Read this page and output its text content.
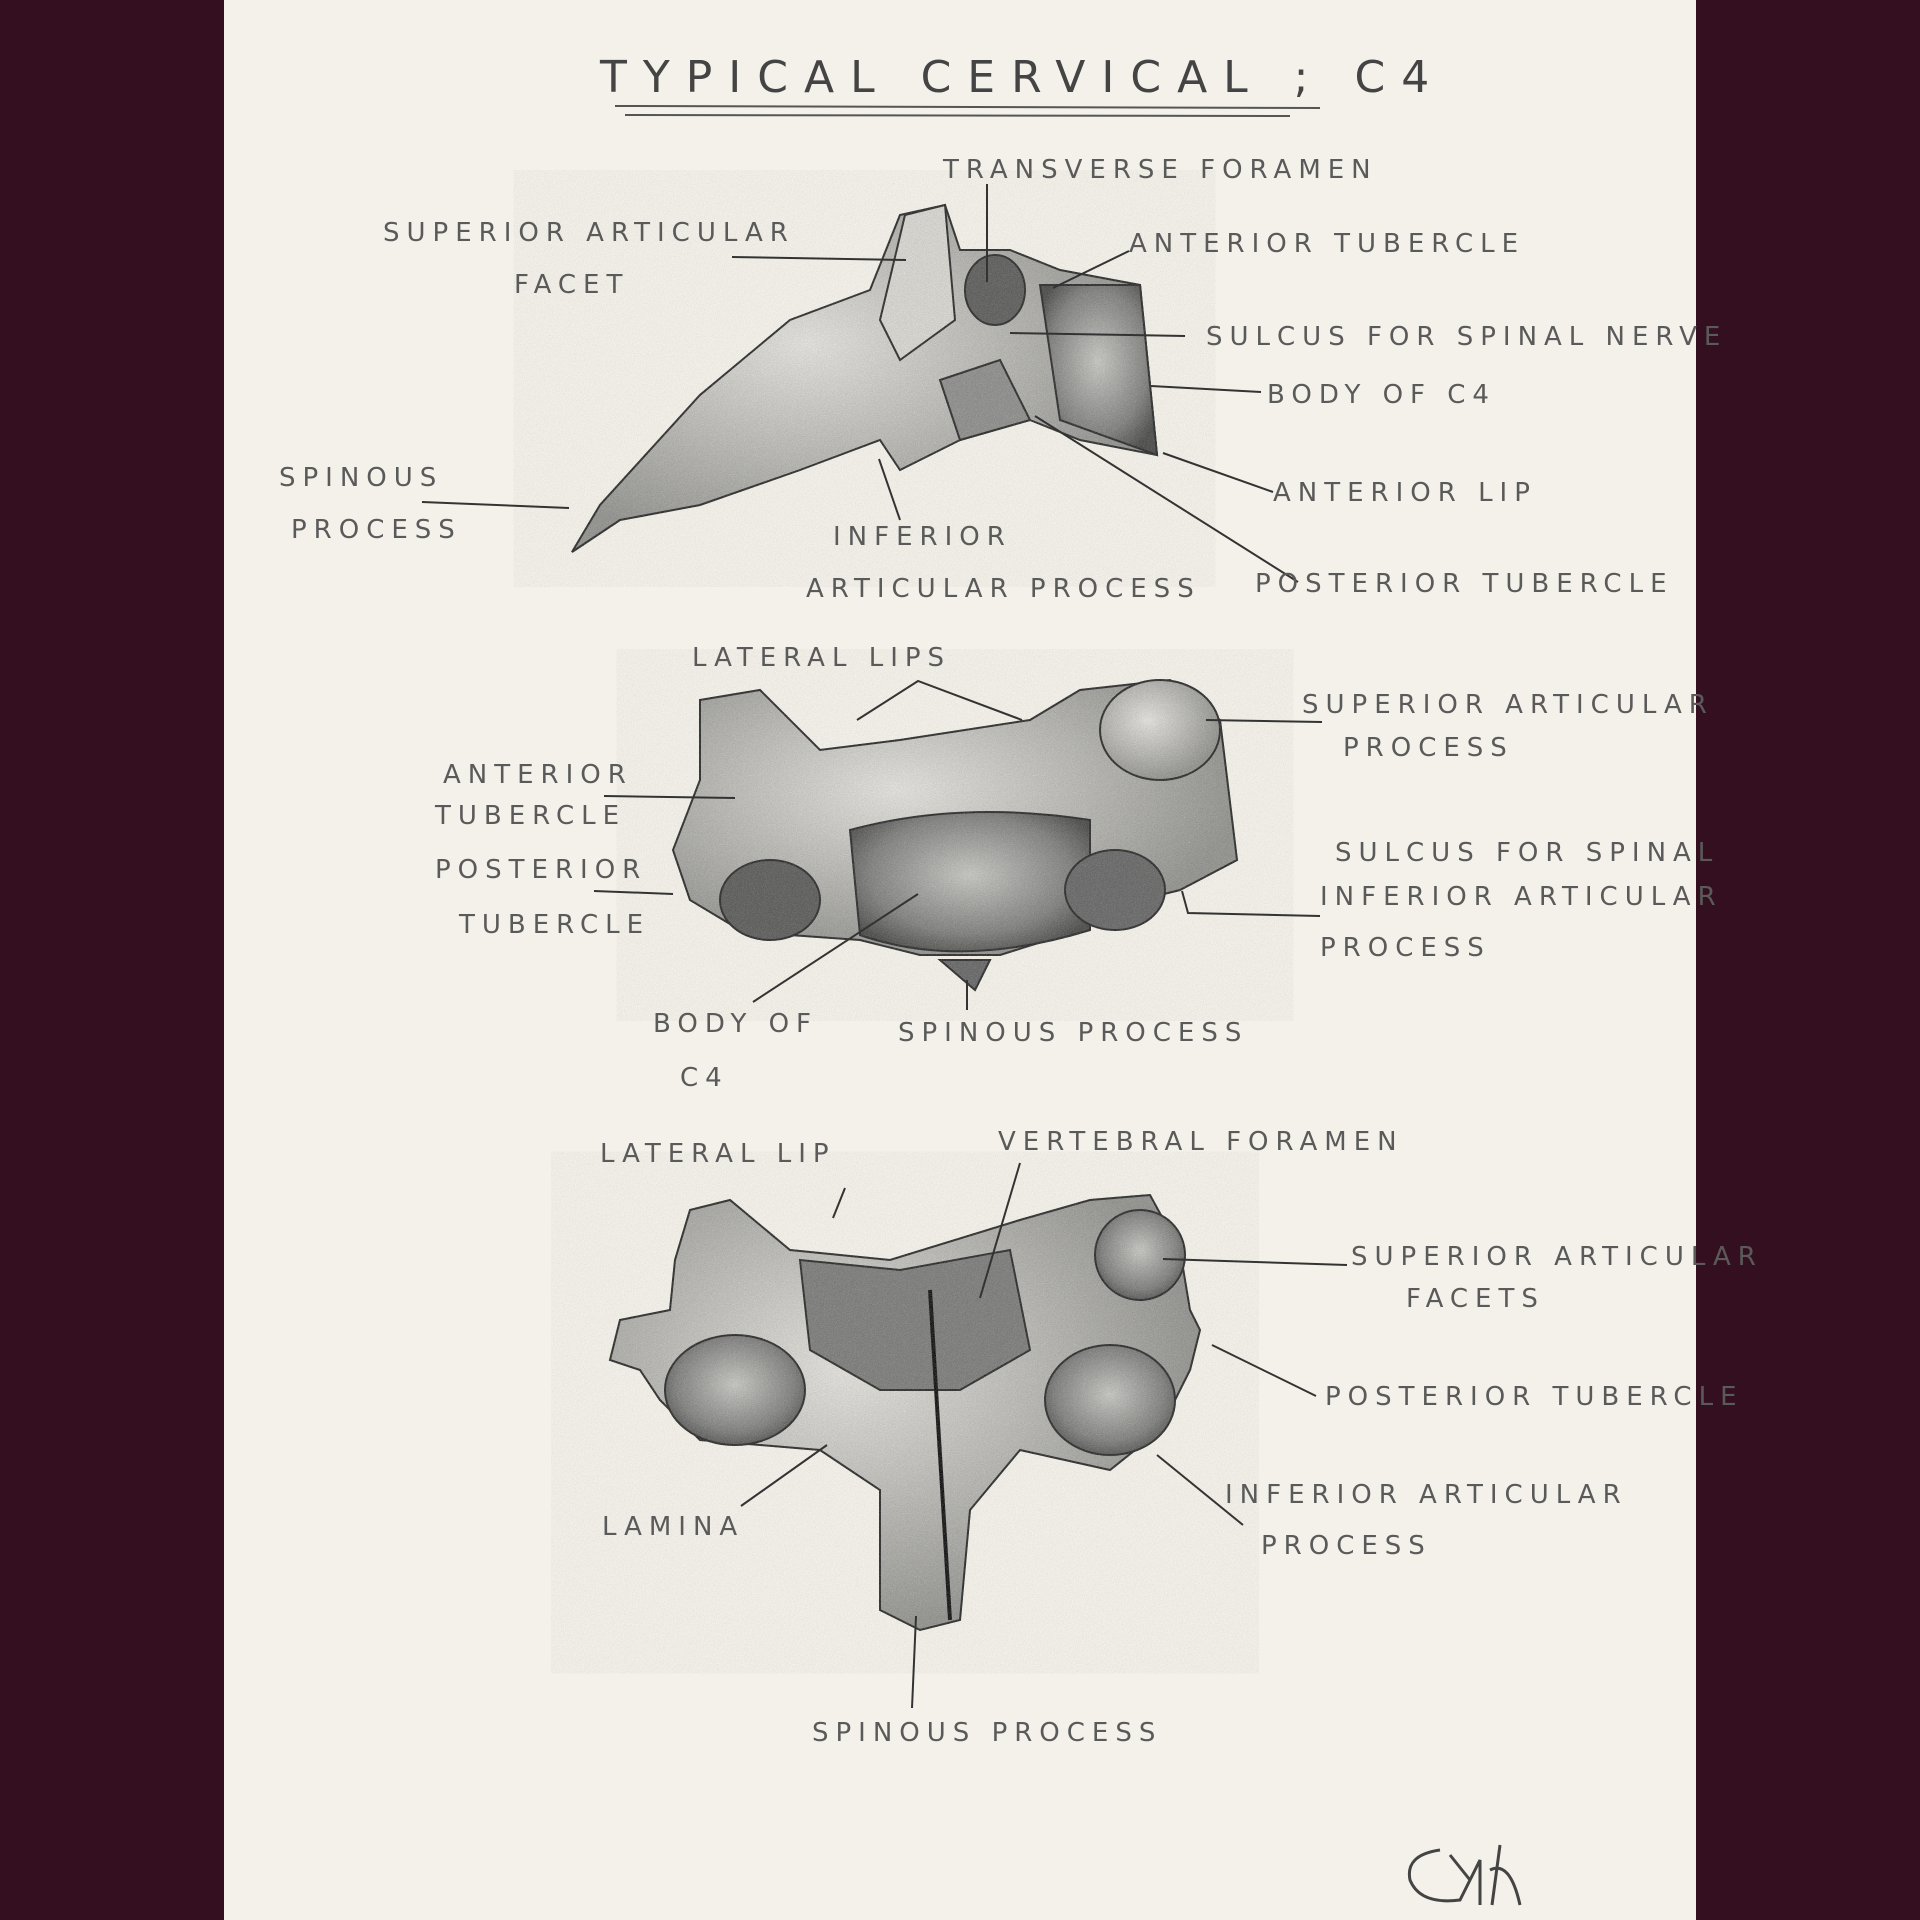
TYPICAL CERVICAL ; C4
TRANSVERSE FORAMEN
SUPERIOR ARTICULAR
FACET
ANTERIOR TUBERCLE
SULCUS FOR SPINAL NERVE
BODY OF C4
ANTERIOR LIP
POSTERIOR TUBERCLE
SPINOUS
PROCESS	INFERIOR
ARTICULAR PROCESS
LATERAL LIPS
SUPERIOR ARTICULAR
PROCESS
ANTERIOR
TUBERCLE
POSTERIOR
TUBERCLE
SULCUS FOR SPINAL
INFERIOR ARTICULAR
PROCESS
BODY OF
C4
SPINOUS PROCESS
LATERAL LIP	VERTEBRAL FORAMEN
SUPERIOR ARTICULAR
FACETS
POSTERIOR TUBERCLE
INFERIOR ARTICULAR
PROCESS
LAMINA
SPINOUS PROCESS
